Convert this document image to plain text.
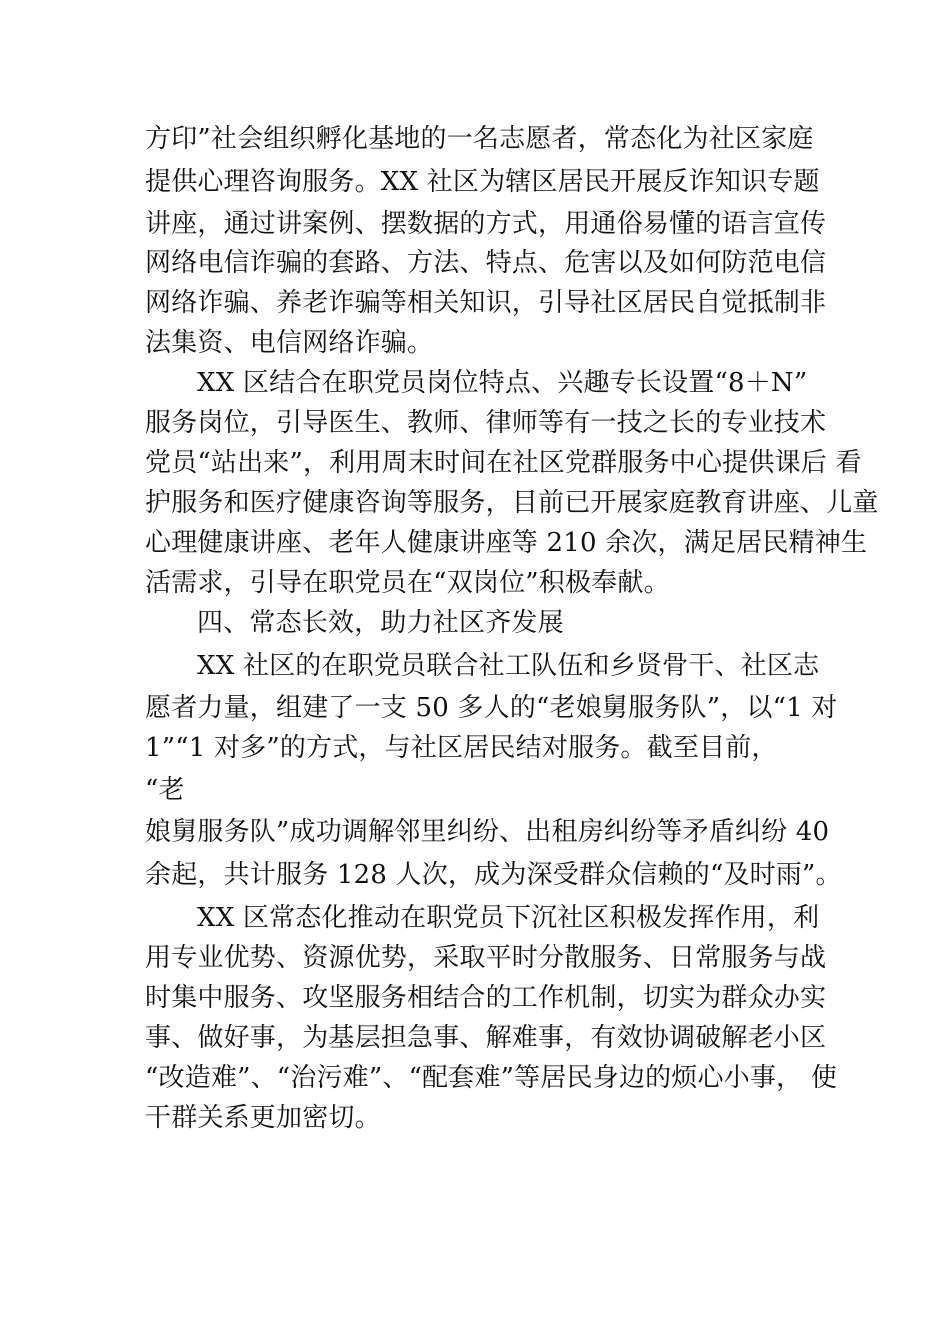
方印”社会组织孵化基地的一名志愿者，常态化为社区家庭
提供心理咨询服务。XX 社区为辖区居民开展反诈知识专题
讲座，通过讲案例、摆数据的方式，用通俗易懂的语言宣传
网络电信诈骗的套路、方法、特点、危害以及如何防范电信
网络诈骗、养老诈骗等相关知识，引导社区居民自觉抵制非
法集资、电信网络诈骗。
XX 区结合在职党员岗位特点、兴趣专长设置“8＋N”
服务岗位，引导医生、教师、律师等有一技之长的专业技术
党员“站出来”，利用周末时间在社区党群服务中心提供课后 看
护服务和医疗健康咨询等服务，目前已开展家庭教育讲座、儿童
心理健康讲座、老年人健康讲座等 210 余次，满足居民精神生
活需求，引导在职党员在“双岗位”积极奉献。
四、常态长效，助力社区齐发展
XX 社区的在职党员联合社工队伍和乡贤骨干、社区志
愿者力量，组建了一支 50 多人的“老娘舅服务队”，以“1 对
1”“1 对多”的方式，与社区居民结对服务。截至目前，
“老
娘舅服务队”成功调解邻里纠纷、出租房纠纷等矛盾纠纷 40
余起，共计服务 128 人次，成为深受群众信赖的“及时雨”。
XX 区常态化推动在职党员下沉社区积极发挥作用，利
用专业优势、资源优势，采取平时分散服务、日常服务与战
时集中服务、攻坚服务相结合的工作机制，切实为群众办实
事、做好事，为基层担急事、解难事，有效协调破解老小区
“改造难”、“治污难”、“配套难”等居民身边的烦心小事， 使
干群关系更加密切。
